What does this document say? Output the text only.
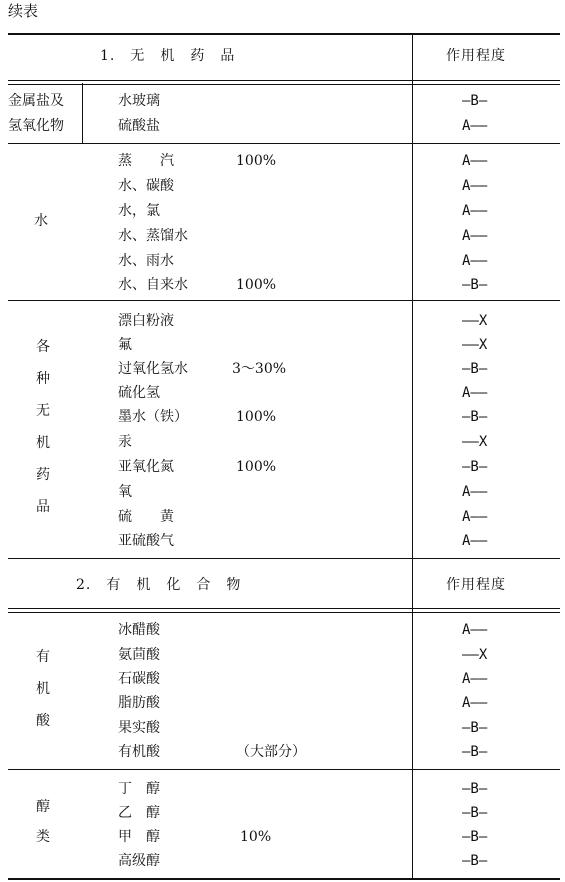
续表
1.　无　机　药　品	作用程度
金属盐及
氢氧化物
水玻璃	—B—
硫酸盐	A——
水
蒸　　汽	100%	A——
水、碳酸	A——
水，氯	A——
水、蒸馏水	A——
水、雨水	A——
水、自来水	100%	—B—
各
种
无
机
药
品
漂白粉液	——X
氟	——X
过氧化氢水	3～30%	—B—
硫化氢	A——
墨水（铁）	100%	—B—
汞	——X
亚氧化氮	100%	—B—
氧	A——
硫　　黄	A——
亚硫酸气	A——
2.　有　机　化　合　物	作用程度
有
机
酸
冰醋酸	A——
氨茴酸	——X
石碳酸	A——
脂肪酸	A——
果实酸	—B—
有机酸	（大部分）	—B—
醇
类
丁　醇	—B—
乙　醇	—B—
甲　醇	10%	—B—
高级醇	—B—
